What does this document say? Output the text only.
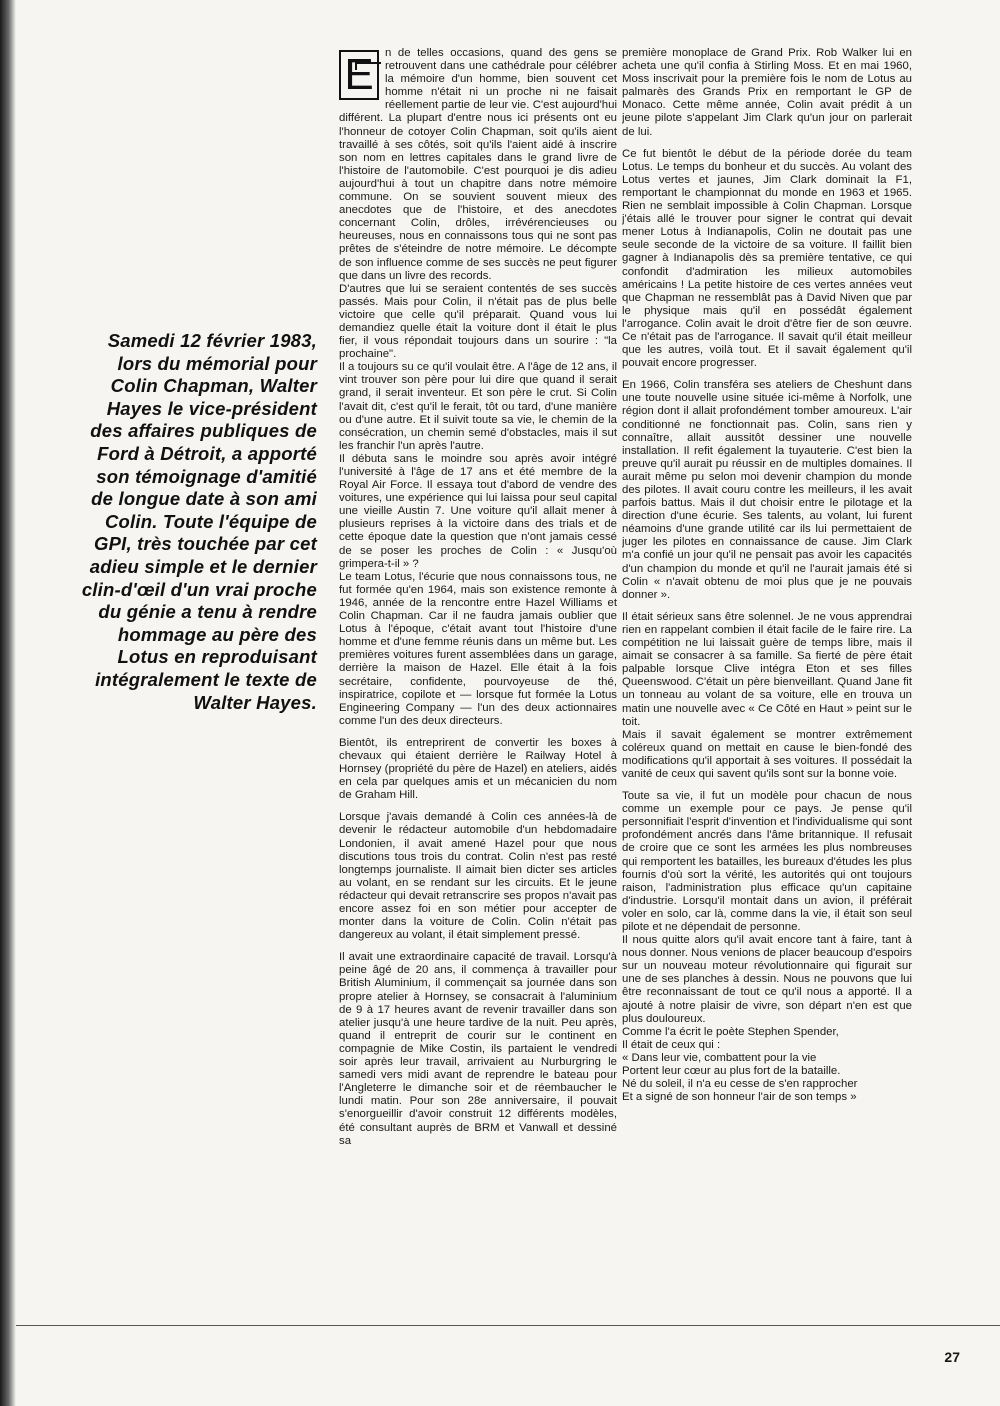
Samedi 12 février 1983, lors du mémorial pour Colin Chapman, Walter Hayes le vice-président des affaires publiques de Ford à Détroit, a apporté son témoignage d'amitié de longue date à son ami Colin. Toute l'équipe de GPI, très touchée par cet adieu simple et le dernier clin-d'œil d'un vrai proche du génie a tenu à rendre hommage au père des Lotus en reproduisant intégralement le texte de Walter Hayes.

E n de telles occasions, quand des gens se retrouvent dans une cathédrale pour célébrer la mémoire d'un homme, bien souvent cet homme n'était ni un proche ni ne faisait réellement partie de leur vie. C'est aujourd'hui différent. La plupart d'entre nous ici présents ont eu l'honneur de cotoyer Colin Chapman, soit qu'ils aient travaillé à ses côtés, soit qu'ils l'aient aidé à inscrire son nom en lettres capitales dans le grand livre de l'histoire de l'automobile. C'est pourquoi je dis adieu aujourd'hui à tout un chapitre dans notre mémoire commune. On se souvient souvent mieux des anecdotes que de l'histoire, et des anecdotes concernant Colin, drôles, irrévérencieuses ou heureuses, nous en connaissons tous qui ne sont pas prêtes de s'éteindre de notre mémoire. Le décompte de son influence comme de ses succès ne peut figurer que dans un livre des records.

D'autres que lui se seraient contentés de ses succès passés. Mais pour Colin, il n'était pas de plus belle victoire que celle qu'il préparait. Quand vous lui demandiez quelle était la voiture dont il était le plus fier, il vous répondait toujours dans un sourire : "la prochaine".

Il a toujours su ce qu'il voulait être. A l'âge de 12 ans, il vint trouver son père pour lui dire que quand il serait grand, il serait inventeur. Et son père le crut. Si Colin l'avait dit, c'est qu'il le ferait, tôt ou tard, d'une manière ou d'une autre. Et il suivit toute sa vie, le chemin de la consécration, un chemin semé d'obstacles, mais il sut les franchir l'un après l'autre.

Il débuta sans le moindre sou après avoir intégré l'université à l'âge de 17 ans et été membre de la Royal Air Force. Il essaya tout d'abord de vendre des voitures, une expérience qui lui laissa pour seul capital une vieille Austin 7. Une voiture qu'il allait mener à plusieurs reprises à la victoire dans des trials et de cette époque date la question que n'ont jamais cessé de se poser les proches de Colin : « Jusqu'où grimpera-t-il » ?

Le team Lotus, l'écurie que nous connaissons tous, ne fut formée qu'en 1964, mais son existence remonte à 1946, année de la rencontre entre Hazel Williams et Colin Chapman. Car il ne faudra jamais oublier que Lotus à l'époque, c'était avant tout l'histoire d'une homme et d'une femme réunis dans un même but. Les premières voitures furent assemblées dans un garage, derrière la maison de Hazel. Elle était à la fois secrétaire, confidente, pourvoyeuse de thé, inspiratrice, copilote et — lorsque fut formée la Lotus Engineering Company — l'un des deux actionnaires comme l'un des deux directeurs.

Bientôt, ils entreprirent de convertir les boxes à chevaux qui étaient derrière le Railway Hotel à Hornsey (propriété du père de Hazel) en ateliers, aidés en cela par quelques amis et un mécanicien du nom de Graham Hill.

Lorsque j'avais demandé à Colin ces années-là de devenir le rédacteur automobile d'un hebdomadaire Londonien, il avait amené Hazel pour que nous discutions tous trois du contrat. Colin n'est pas resté longtemps journaliste. Il aimait bien dicter ses articles au volant, en se rendant sur les circuits. Et le jeune rédacteur qui devait retranscrire ses propos n'avait pas encore assez foi en son métier pour accepter de monter dans la voiture de Colin. Colin n'était pas dangereux au volant, il était simplement pressé.

Il avait une extraordinaire capacité de travail. Lorsqu'à peine âgé de 20 ans, il commença à travailler pour British Aluminium, il commençait sa journée dans son propre atelier à Hornsey, se consacrait à l'aluminium de 9 à 17 heures avant de revenir travailler dans son atelier jusqu'à une heure tardive de la nuit. Peu après, quand il entreprit de courir sur le continent en compagnie de Mike Costin, ils partaient le vendredi soir après leur travail, arrivaient au Nurburgring le samedi vers midi avant de reprendre le bateau pour l'Angleterre le dimanche soir et de réembaucher le lundi matin. Pour son 28e anniversaire, il pouvait s'enorgueillir d'avoir construit 12 différents modèles, été consultant auprès de BRM et Vanwall et dessiné sa

première monoplace de Grand Prix. Rob Walker lui en acheta une qu'il confia à Stirling Moss. Et en mai 1960, Moss inscrivait pour la première fois le nom de Lotus au palmarès des Grands Prix en remportant le GP de Monaco. Cette même année, Colin avait prédit à un jeune pilote s'appelant Jim Clark qu'un jour on parlerait de lui.

Ce fut bientôt le début de la période dorée du team Lotus. Le temps du bonheur et du succès. Au volant des Lotus vertes et jaunes, Jim Clark dominait la F1, remportant le championnat du monde en 1963 et 1965. Rien ne semblait impossible à Colin Chapman. Lorsque j'étais allé le trouver pour signer le contrat qui devait mener Lotus à Indianapolis, Colin ne doutait pas une seule seconde de la victoire de sa voiture. Il faillit bien gagner à Indianapolis dès sa première tentative, ce qui confondit d'admiration les milieux automobiles américains ! La petite histoire de ces vertes années veut que Chapman ne ressemblât pas à David Niven que par le physique mais qu'il en possédât également l'arrogance. Colin avait le droit d'être fier de son œuvre. Ce n'était pas de l'arrogance. Il savait qu'il était meilleur que les autres, voilà tout. Et il savait également qu'il pouvait encore progresser.

En 1966, Colin transféra ses ateliers de Cheshunt dans une toute nouvelle usine située ici-même à Norfolk, une région dont il allait profondément tomber amoureux. L'air conditionné ne fonctionnait pas. Colin, sans rien y connaître, allait aussitôt dessiner une nouvelle installation. Il refit également la tuyauterie. C'est bien la preuve qu'il aurait pu réussir en de multiples domaines. Il aurait même pu selon moi devenir champion du monde des pilotes. Il avait couru contre les meilleurs, il les avait parfois battus. Mais il dut choisir entre le pilotage et la direction d'une écurie. Ses talents, au volant, lui furent néamoins d'une grande utilité car ils lui permettaient de juger les pilotes en connaissance de cause. Jim Clark m'a confié un jour qu'il ne pensait pas avoir les capacités d'un champion du monde et qu'il ne l'aurait jamais été si Colin « n'avait obtenu de moi plus que je ne pouvais donner ».

Il était sérieux sans être solennel. Je ne vous apprendrai rien en rappelant combien il était facile de le faire rire. La compétition ne lui laissait guère de temps libre, mais il aimait se consacrer à sa famille. Sa fierté de père était palpable lorsque Clive intégra Eton et ses filles Queenswood. C'était un père bienveillant. Quand Jane fit un tonneau au volant de sa voiture, elle en trouva un matin une nouvelle avec « Ce Côté en Haut » peint sur le toit.

Mais il savait également se montrer extrêmement coléreux quand on mettait en cause le bien-fondé des modifications qu'il apportait à ses voitures. Il possédait la vanité de ceux qui savent qu'ils sont sur la bonne voie.

Toute sa vie, il fut un modèle pour chacun de nous comme un exemple pour ce pays. Je pense qu'il personnifiait l'esprit d'invention et l'individualisme qui sont profondément ancrés dans l'âme britannique. Il refusait de croire que ce sont les armées les plus nombreuses qui remportent les batailles, les bureaux d'études les plus fournis d'où sort la vérité, les autorités qui ont toujours raison, l'administration plus efficace qu'un capitaine d'industrie. Lorsqu'il montait dans un avion, il préférait voler en solo, car là, comme dans la vie, il était son seul pilote et ne dépendait de personne.

Il nous quitte alors qu'il avait encore tant à faire, tant à nous donner. Nous venions de placer beaucoup d'espoirs sur un nouveau moteur révolutionnaire qui figurait sur une de ses planches à dessin. Nous ne pouvons que lui être reconnaissant de tout ce qu'il nous a apporté. Il a ajouté à notre plaisir de vivre, son départ n'en est que plus douloureux.

Comme l'a écrit le poète Stephen Spender,

Il était de ceux qui :

« Dans leur vie, combattent pour la vie

Portent leur cœur au plus fort de la bataille.

Né du soleil, il n'a eu cesse de s'en rapprocher

Et a signé de son honneur l'air de son temps »

27
